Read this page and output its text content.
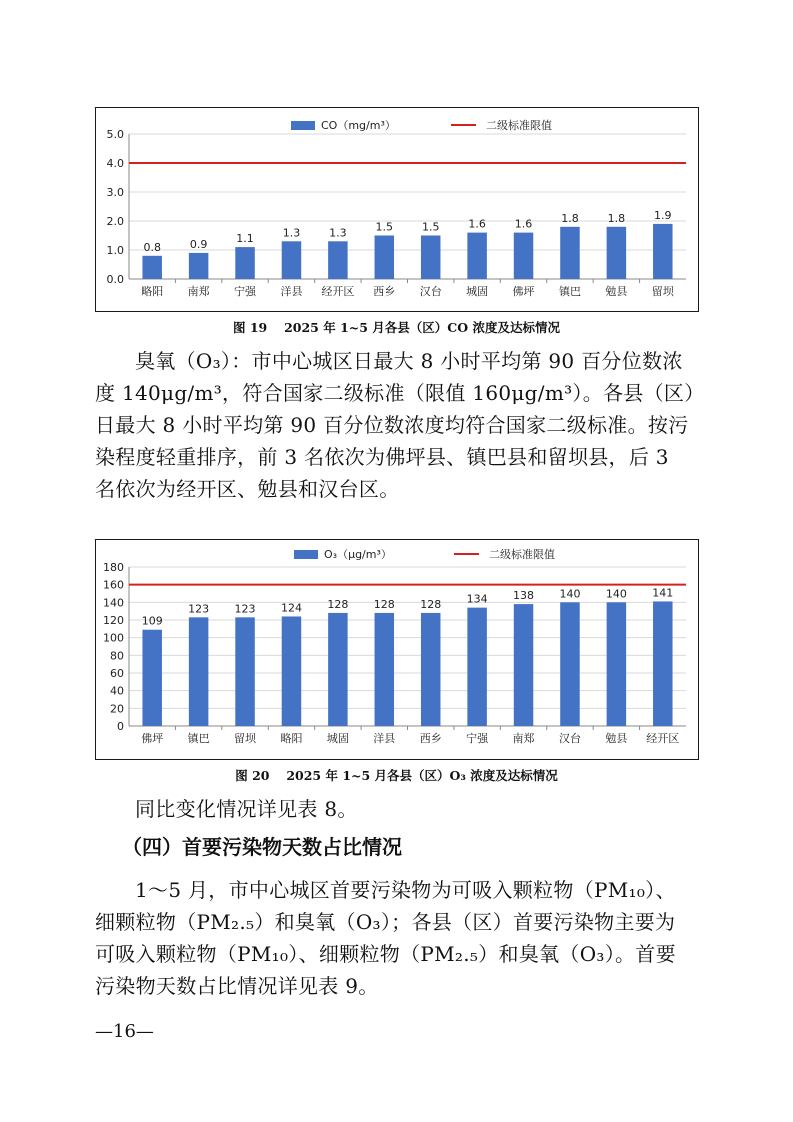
0.0
1.0
2.0
3.0
4.0
5.0
0.8
略阳
0.9
南郑
1.1
宁强
1.3
洋县
1.3
经开区
1.5
西乡
1.5
汉台
1.6
城固
1.6
佛坪
1.8
镇巴
1.8
勉县
1.9
留坝
CO（mg/m³）	二级标准限值
图 19　 2025 年 1~5 月各县（区）CO 浓度及达标情况
臭氧（O₃）：市中心城区日最大 8 小时平均第 90 百分位数浓
度 140μg/m³，符合国家二级标准（限值 160μg/m³）。各县（区）
日最大 8 小时平均第 90 百分位数浓度均符合国家二级标准。按污
染程度轻重排序，前 3 名依次为佛坪县、镇巴县和留坝县，后 3
名依次为经开区、勉县和汉台区。
0
20
40
60
80
100
120
140
160
180
109
佛坪
123
镇巴
123
留坝
124
略阳
128
城固
128
洋县
128
西乡
134
宁强
138
南郑
140
汉台
140
勉县
141
经开区
O₃（μg/m³）	二级标准限值
图 20　 2025 年 1~5 月各县（区）O₃ 浓度及达标情况
同比变化情况详见表 8。
（四）首要污染物天数占比情况
1～5 月，市中心城区首要污染物为可吸入颗粒物（PM₁₀）、
细颗粒物（PM₂.₅）和臭氧（O₃）；各县（区）首要污染物主要为
可吸入颗粒物（PM₁₀）、细颗粒物（PM₂.₅）和臭氧（O₃）。首要
污染物天数占比情况详见表 9。
—16—
